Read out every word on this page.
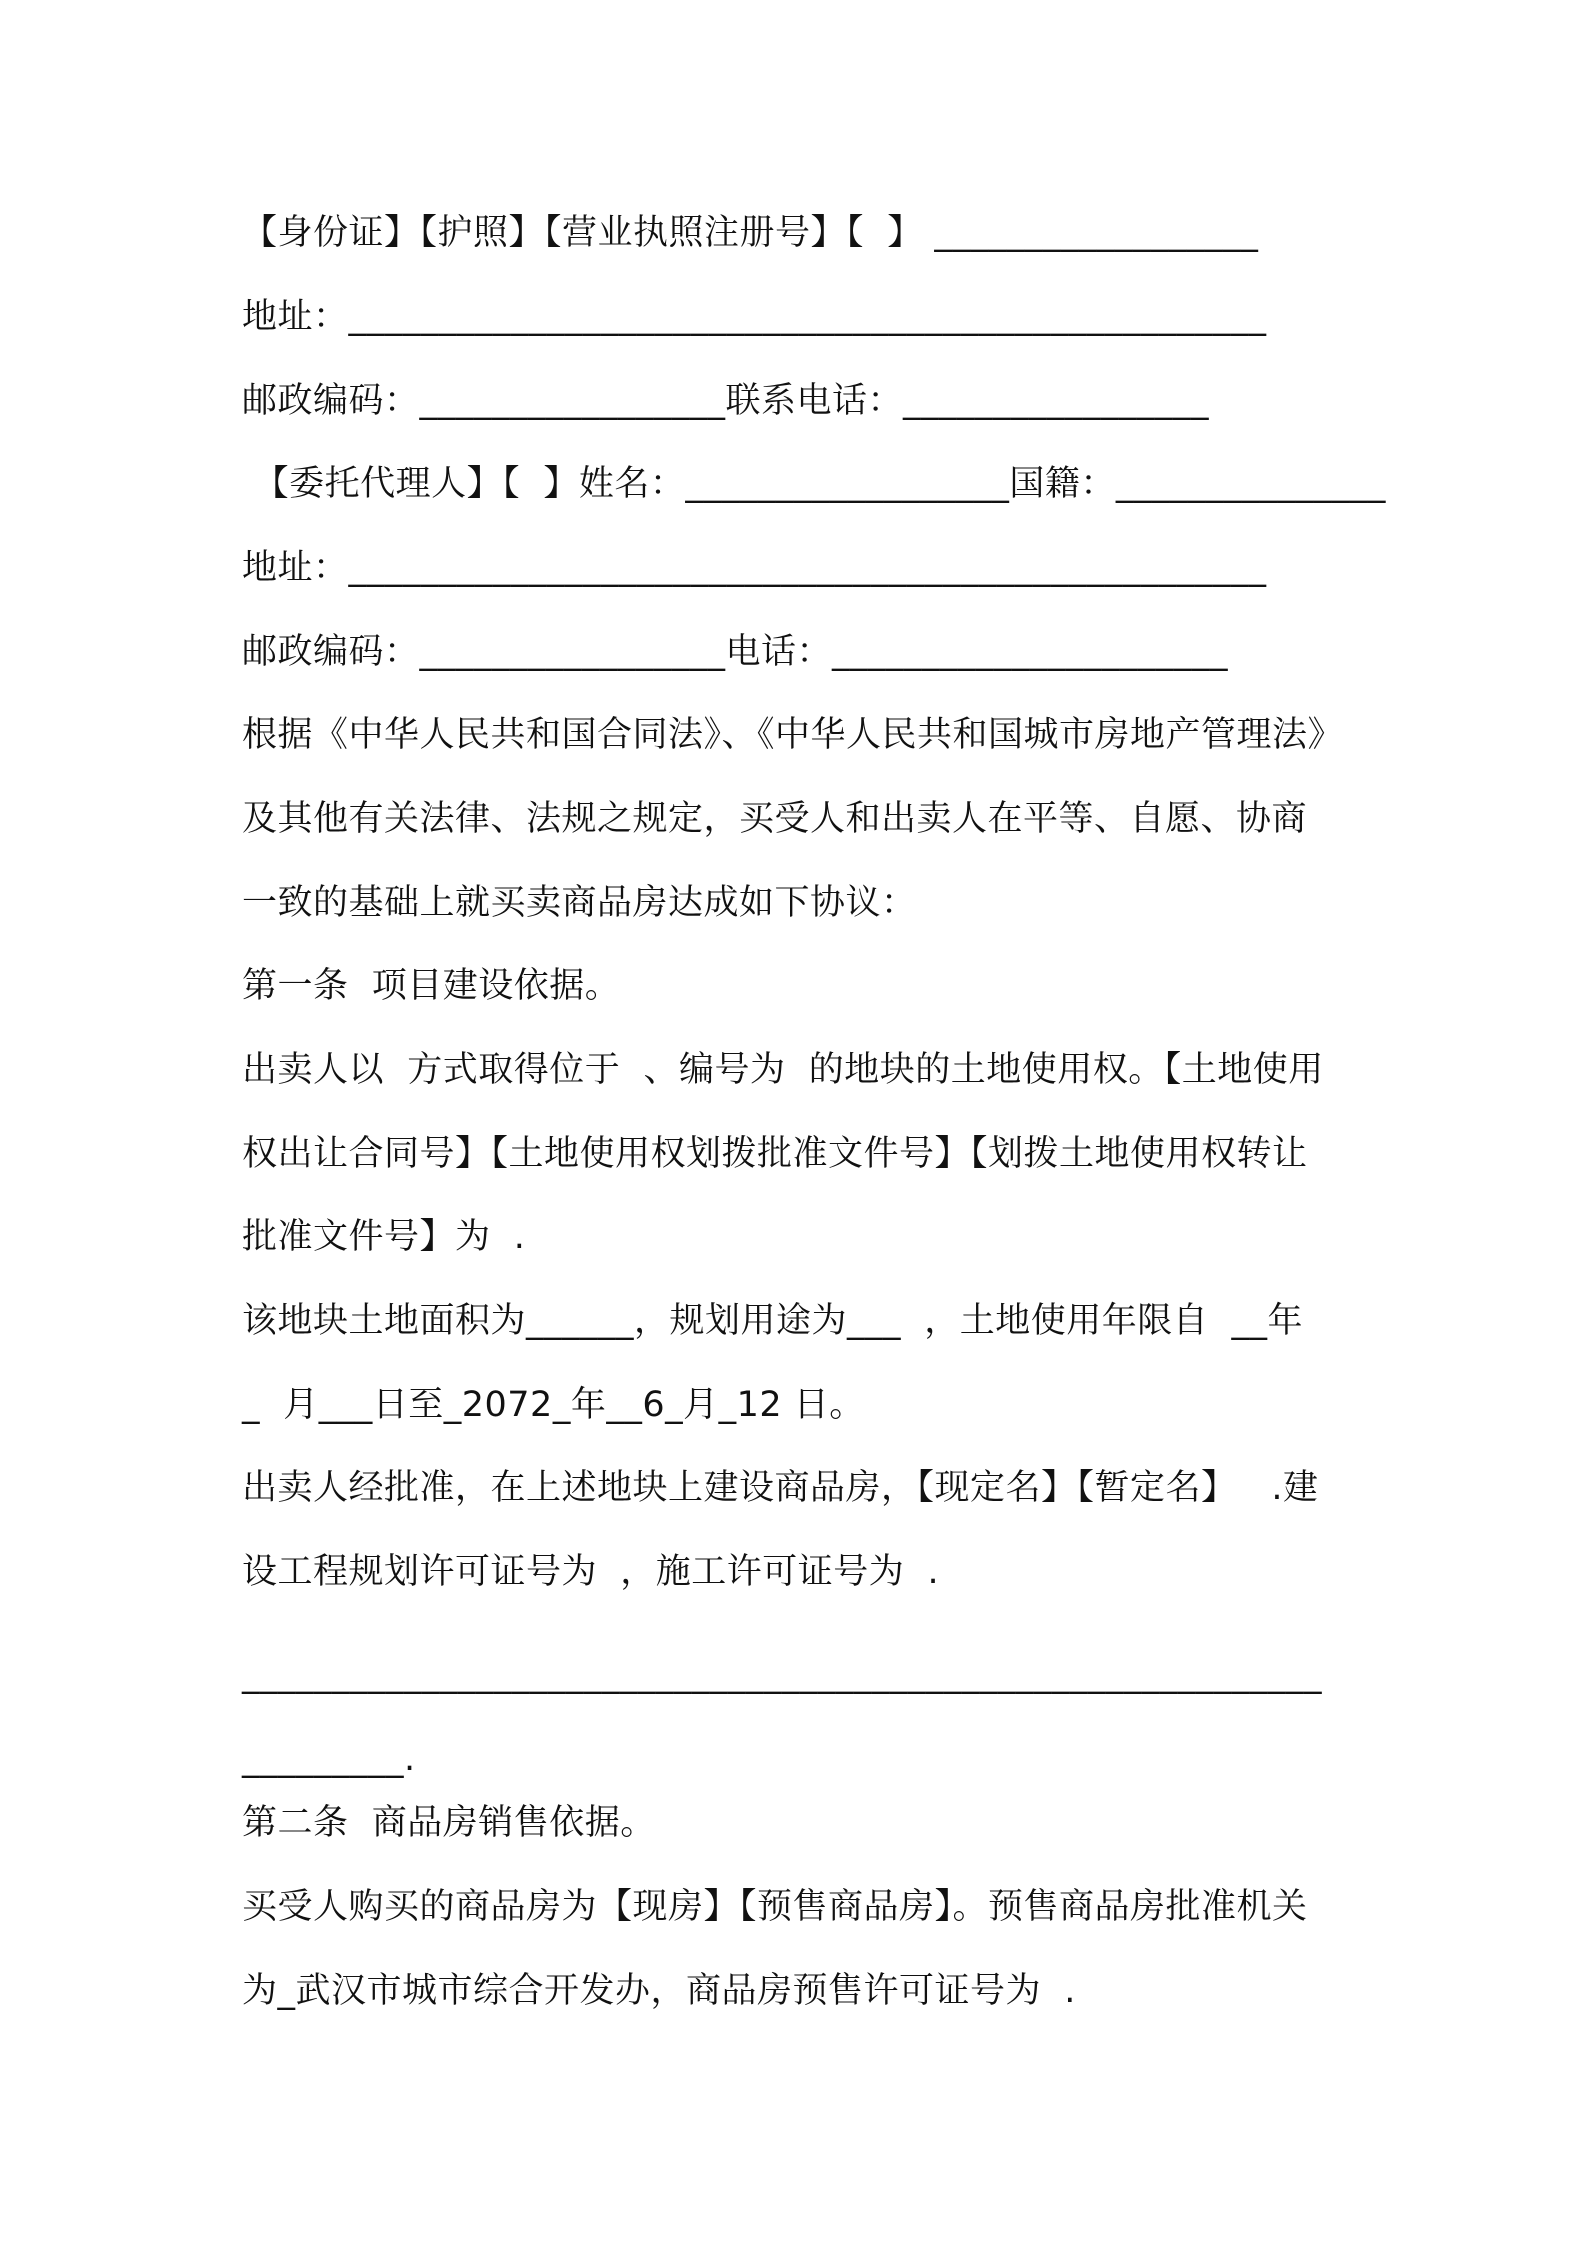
【身份证】【护照】【营业执照注册号】【  】 __________________
地址：___________________________________________________
邮政编码：_________________联系电话：_________________
【委托代理人】【  】姓名：__________________国籍：_______________
地址：___________________________________________________
邮政编码：_________________电话：______________________
根据《中华人民共和国合同法》、《中华人民共和国城市房地产管理法》
及其他有关法律、法规之规定，买受人和出卖人在平等、自愿、协商
一致的基础上就买卖商品房达成如下协议：
第一条  项目建设依据。
出卖人以  方式取得位于  、编号为  的地块的土地使用权。【土地使用
权出让合同号】【土地使用权划拨批准文件号】【划拨土地使用权转让
批准文件号】为  .
该地块土地面积为______，规划用途为___  ，土地使用年限自  __年
_  月___日至_2072_年__6_月_12 日。
出卖人经批准，在上述地块上建设商品房，【现定名】【暂定名】   .建
设工程规划许可证号为  ，施工许可证号为  .
____________________________________________________________
_________.
第二条  商品房销售依据。
买受人购买的商品房为【现房】【预售商品房】。预售商品房批准机关
为_武汉市城市综合开发办，商品房预售许可证号为  .
